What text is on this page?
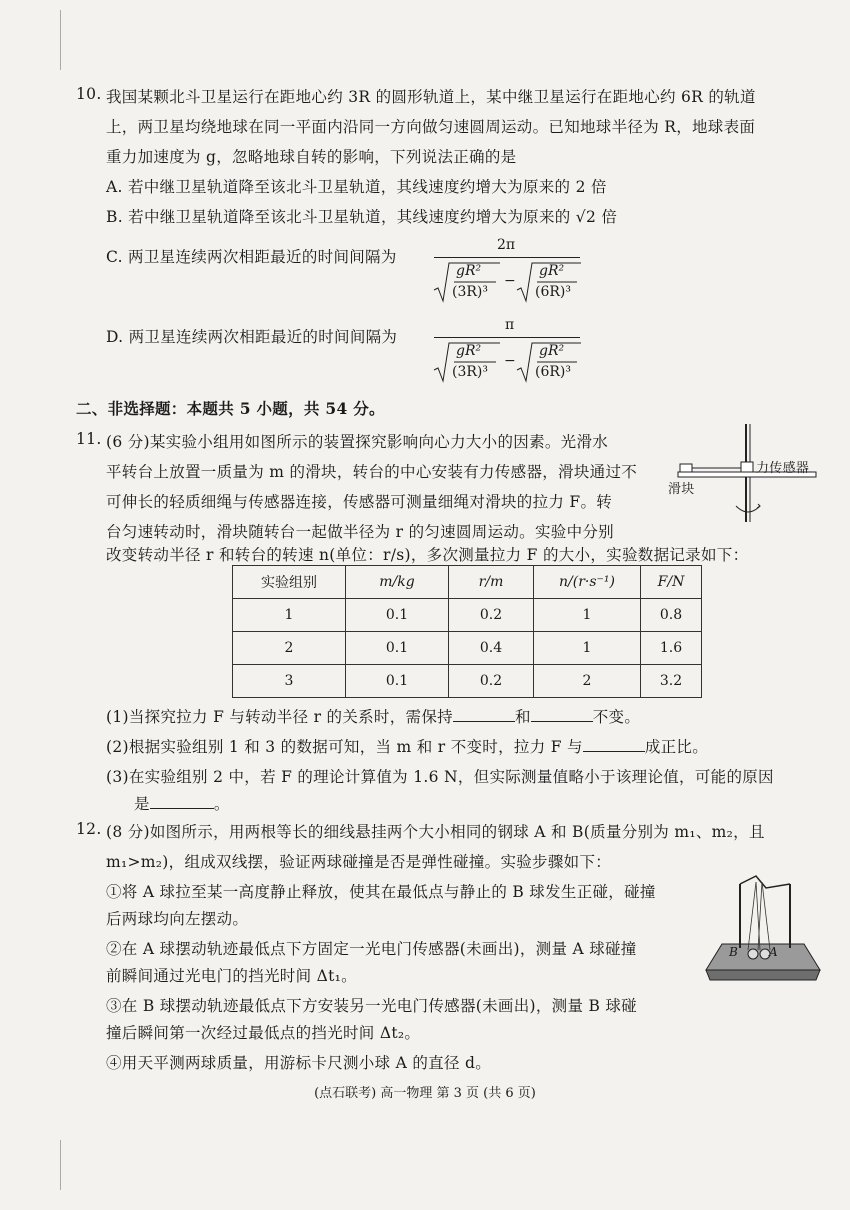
10. 我国某颗北斗卫星运行在距地心约 3R 的圆形轨道上，某中继卫星运行在距地心约 6R 的轨道
上，两卫星均绕地球在同一平面内沿同一方向做匀速圆周运动。已知地球半径为 R，地球表面
重力加速度为 g，忽略地球自转的影响，下列说法正确的是
A. 若中继卫星轨道降至该北斗卫星轨道，其线速度约增大为原来的 2 倍
B. 若中继卫星轨道降至该北斗卫星轨道，其线速度约增大为原来的 √2 倍
C. 两卫星连续两次相距最近的时间间隔为
2π
gR²
(3R)³
−
gR²
(6R)³
D. 两卫星连续两次相距最近的时间间隔为
π
gR²
(3R)³
−
gR²
(6R)³
二、非选择题：本题共 5 小题，共 54 分。
11. (6 分)某实验小组用如图所示的装置探究影响向心力大小的因素。光滑水
平转台上放置一质量为 m 的滑块，转台的中心安装有力传感器，滑块通过不
可伸长的轻质细绳与传感器连接，传感器可测量细绳对滑块的拉力 F。转
台匀速转动时，滑块随转台一起做半径为 r 的匀速圆周运动。实验中分别
改变转动半径 r 和转台的转速 n(单位：r/s)，多次测量拉力 F 的大小，实验数据记录如下：
力传感器
滑块
实验组别	m/kg	r/m	n/(r·s⁻¹)	F/N
1	0.1	0.2	1	0.8
2	0.1	0.4	1	1.6
3	0.1	0.2	2	3.2
(1)当探究拉力 F 与转动半径 r 的关系时，需保持	和	不变。
(2)根据实验组别 1 和 3 的数据可知，当 m 和 r 不变时，拉力 F 与	成正比。
(3)在实验组别 2 中，若 F 的理论计算值为 1.6 N，但实际测量值略小于该理论值，可能的原因
是	。
12. (8 分)如图所示，用两根等长的细线悬挂两个大小相同的钢球 A 和 B(质量分别为 m₁、m₂，且
m₁>m₂)，组成双线摆，验证两球碰撞是否是弹性碰撞。实验步骤如下：
①将 A 球拉至某一高度静止释放，使其在最低点与静止的 B 球发生正碰，碰撞
后两球均向左摆动。
②在 A 球摆动轨迹最低点下方固定一光电门传感器(未画出)，测量 A 球碰撞
前瞬间通过光电门的挡光时间 Δt₁。
③在 B 球摆动轨迹最低点下方安装另一光电门传感器(未画出)，测量 B 球碰
撞后瞬间第一次经过最低点的挡光时间 Δt₂。
④用天平测两球质量，用游标卡尺测小球 A 的直径 d。
B	A
(点石联考) 高一物理 第 3 页 (共 6 页)
